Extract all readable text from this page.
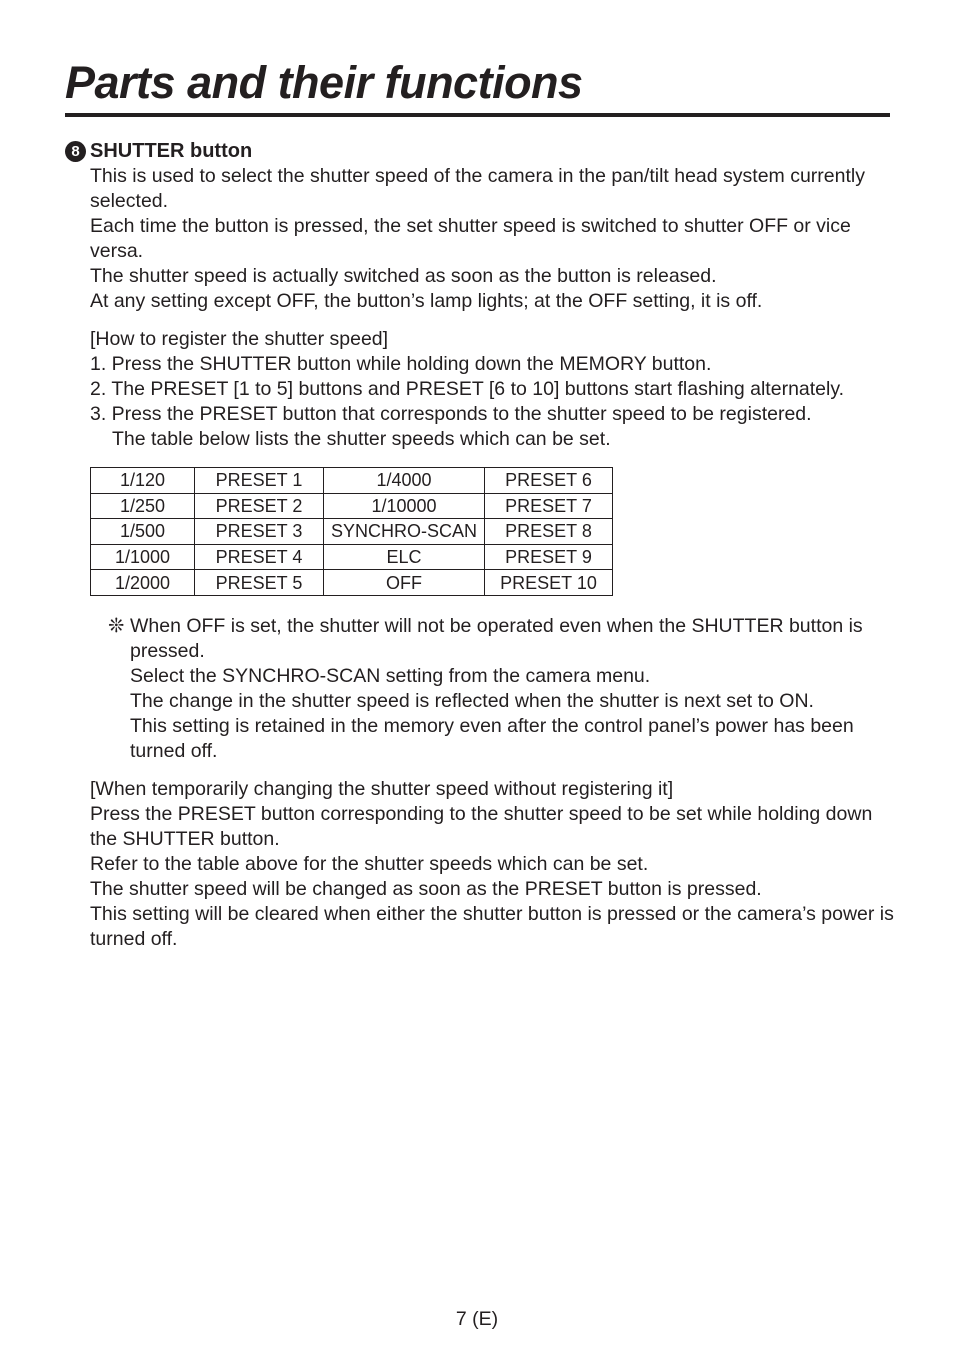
Parts and their functions
8 SHUTTER button

This is used to select the shutter speed of the camera in the pan/tilt head system currently selected.

Each time the button is pressed, the set shutter speed is switched to shutter OFF or vice versa.

The shutter speed is actually switched as soon as the button is released.

At any setting except OFF, the button’s lamp lights; at the OFF setting, it is off.

[How to register the shutter speed]

1. Press the SHUTTER button while holding down the MEMORY button.

2. The PRESET [1 to 5] buttons and PRESET [6 to 10] buttons start flashing alternately.

3. Press the PRESET button that corresponds to the shutter speed to be registered.
The table below lists the shutter speeds which can be set.

1/120	PRESET 1	1/4000	PRESET 6
1/250	PRESET 2	1/10000	PRESET 7
1/500	PRESET 3	SYNCHRO-SCAN	PRESET 8
1/1000	PRESET 4	ELC	PRESET 9
1/2000	PRESET 5	OFF	PRESET 10

❊ When OFF is set, the shutter will not be operated even when the SHUTTER button is pressed.

Select the SYNCHRO-SCAN setting from the camera menu.

The change in the shutter speed is reflected when the shutter is next set to ON.

This setting is retained in the memory even after the control panel’s power has been turned off.

[When temporarily changing the shutter speed without registering it]

Press the PRESET button corresponding to the shutter speed to be set while holding down the SHUTTER button.

Refer to the table above for the shutter speeds which can be set.

The shutter speed will be changed as soon as the PRESET button is pressed.

This setting will be cleared when either the shutter button is pressed or the camera’s power is turned off.

7 (E)
